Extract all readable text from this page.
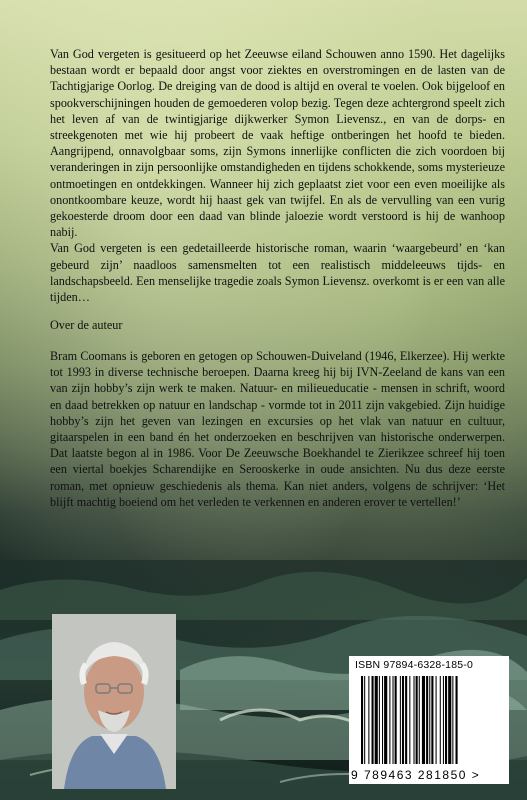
Van God vergeten is gesitueerd op het Zeeuwse eiland Schouwen anno 1590. Het dagelijks bestaan wordt er bepaald door angst voor ziektes en overstromingen en de lasten van de Tachtigjarige Oorlog. De dreiging van de dood is altijd en overal te voelen. Ook bijgeloof en spookverschijningen houden de gemoederen volop bezig. Tegen deze achtergrond speelt zich het leven af van de twintigjarige dijkwerker Symon Lievensz., en van de dorps- en streekgenoten met wie hij probeert de vaak heftige ontberingen het hoofd te bieden. Aangrijpend, onnavolgbaar soms, zijn Symons innerlijke conflicten die zich voordoen bij veranderingen in zijn persoonlijke omstandigheden en tijdens schokkende, soms mysterieuze ontmoetingen en ontdekkingen. Wanneer hij zich geplaatst ziet voor een even moeilijke als onontkoombare keuze, wordt hij haast gek van twijfel. En als de vervulling van een vurig gekoesterde droom door een daad van blinde jaloezie wordt verstoord is hij de wanhoop nabij.

Van God vergeten is een gedetailleerde historische roman, waarin ‘waargebeurd’ en ‘kan gebeurd zijn’ naadloos samensmelten tot een realistisch middeleeuws tijds- en landschapsbeeld. Een menselijke tragedie zoals Symon Lievensz. overkomt is er een van alle tijden…

Over de auteur

Bram Coomans is geboren en getogen op Schouwen-Duiveland (1946, Elkerzee). Hij werkte tot 1993 in diverse technische beroepen. Daarna kreeg hij bij IVN-Zeeland de kans van een van zijn hobby’s zijn werk te maken. Natuur- en milieueducatie - mensen in schrift, woord en daad betrekken op natuur en landschap - vormde tot in 2011 zijn vakgebied. Zijn huidige hobby’s zijn het geven van lezingen en excursies op het vlak van natuur en cultuur, gitaarspelen in een band én het onderzoeken en beschrijven van historische onderwerpen. Dat laatste begon al in 1986. Voor De Zeeuwsche Boekhandel te Zierikzee schreef hij toen een viertal boekjes Scharendijke en Serooskerke in oude ansichten. Nu dus deze eerste roman, met opnieuw geschiedenis als thema. Kan niet anders, volgens de schrijver: ‘Het blijft machtig boeiend om het verleden te verkennen en anderen erover te vertellen!’

ISBN 97894-6328-185-0
9 789463 281850 >
